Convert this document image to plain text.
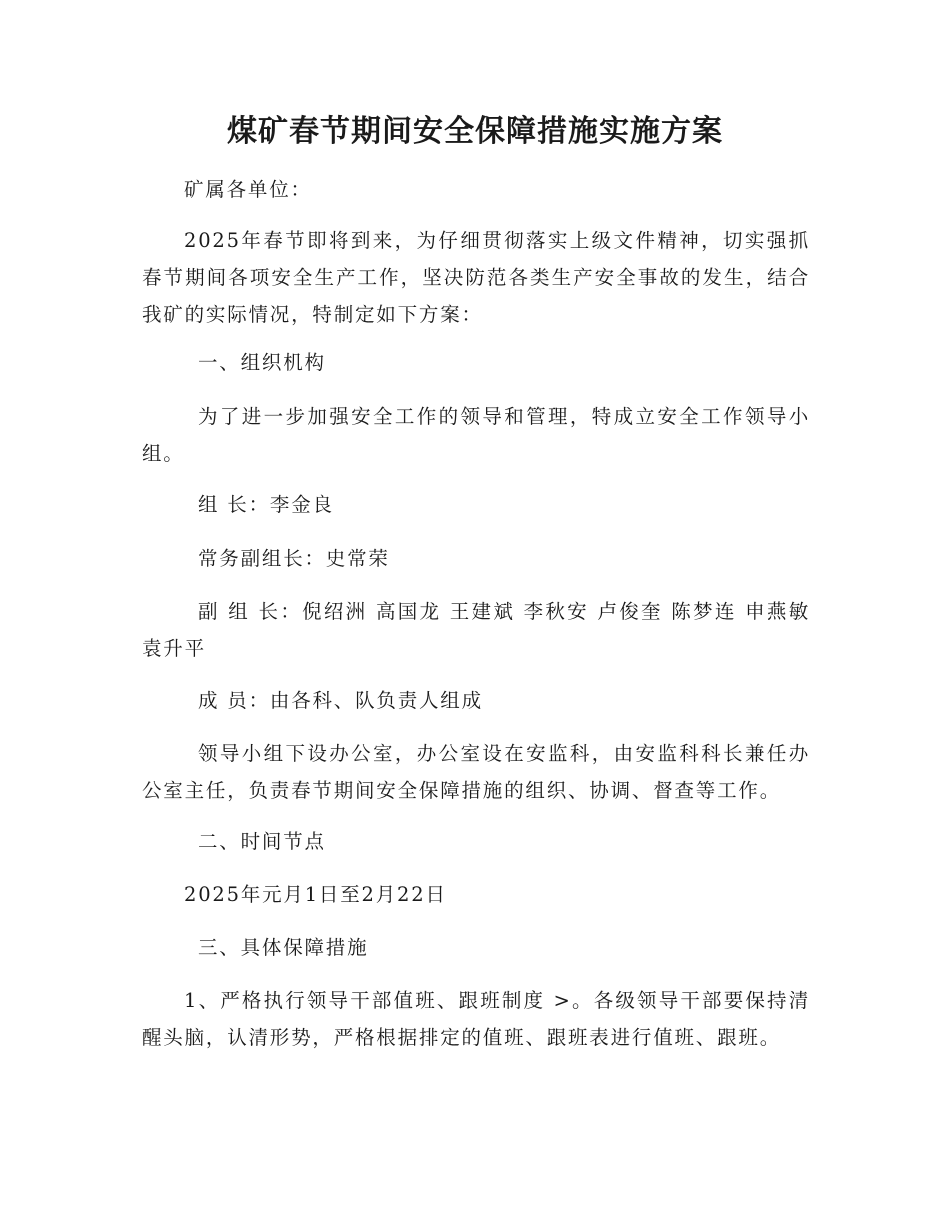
煤矿春节期间安全保障措施实施方案

矿属各单位：

2025年春节即将到来，为仔细贯彻落实上级文件精神，切实强抓春节期间各项安全生产工作，坚决防范各类生产安全事故的发生，结合我矿的实际情况，特制定如下方案：

一、组织机构

为了进一步加强安全工作的领导和管理，特成立安全工作领导小组。

组 长：李金良

常务副组长：史常荣

副 组 长：倪绍洲 高国龙 王建斌 李秋安 卢俊奎 陈梦连 申燕敏 袁升平

成 员：由各科、队负责人组成

领导小组下设办公室，办公室设在安监科，由安监科科长兼任办公室主任，负责春节期间安全保障措施的组织、协调、督查等工作。

二、时间节点

2025年元月1日至2月22日

三、具体保障措施

1、严格执行领导干部值班、跟班制度 >。各级领导干部要保持清醒头脑，认清形势，严格根据排定的值班、跟班表进行值班、跟班。
